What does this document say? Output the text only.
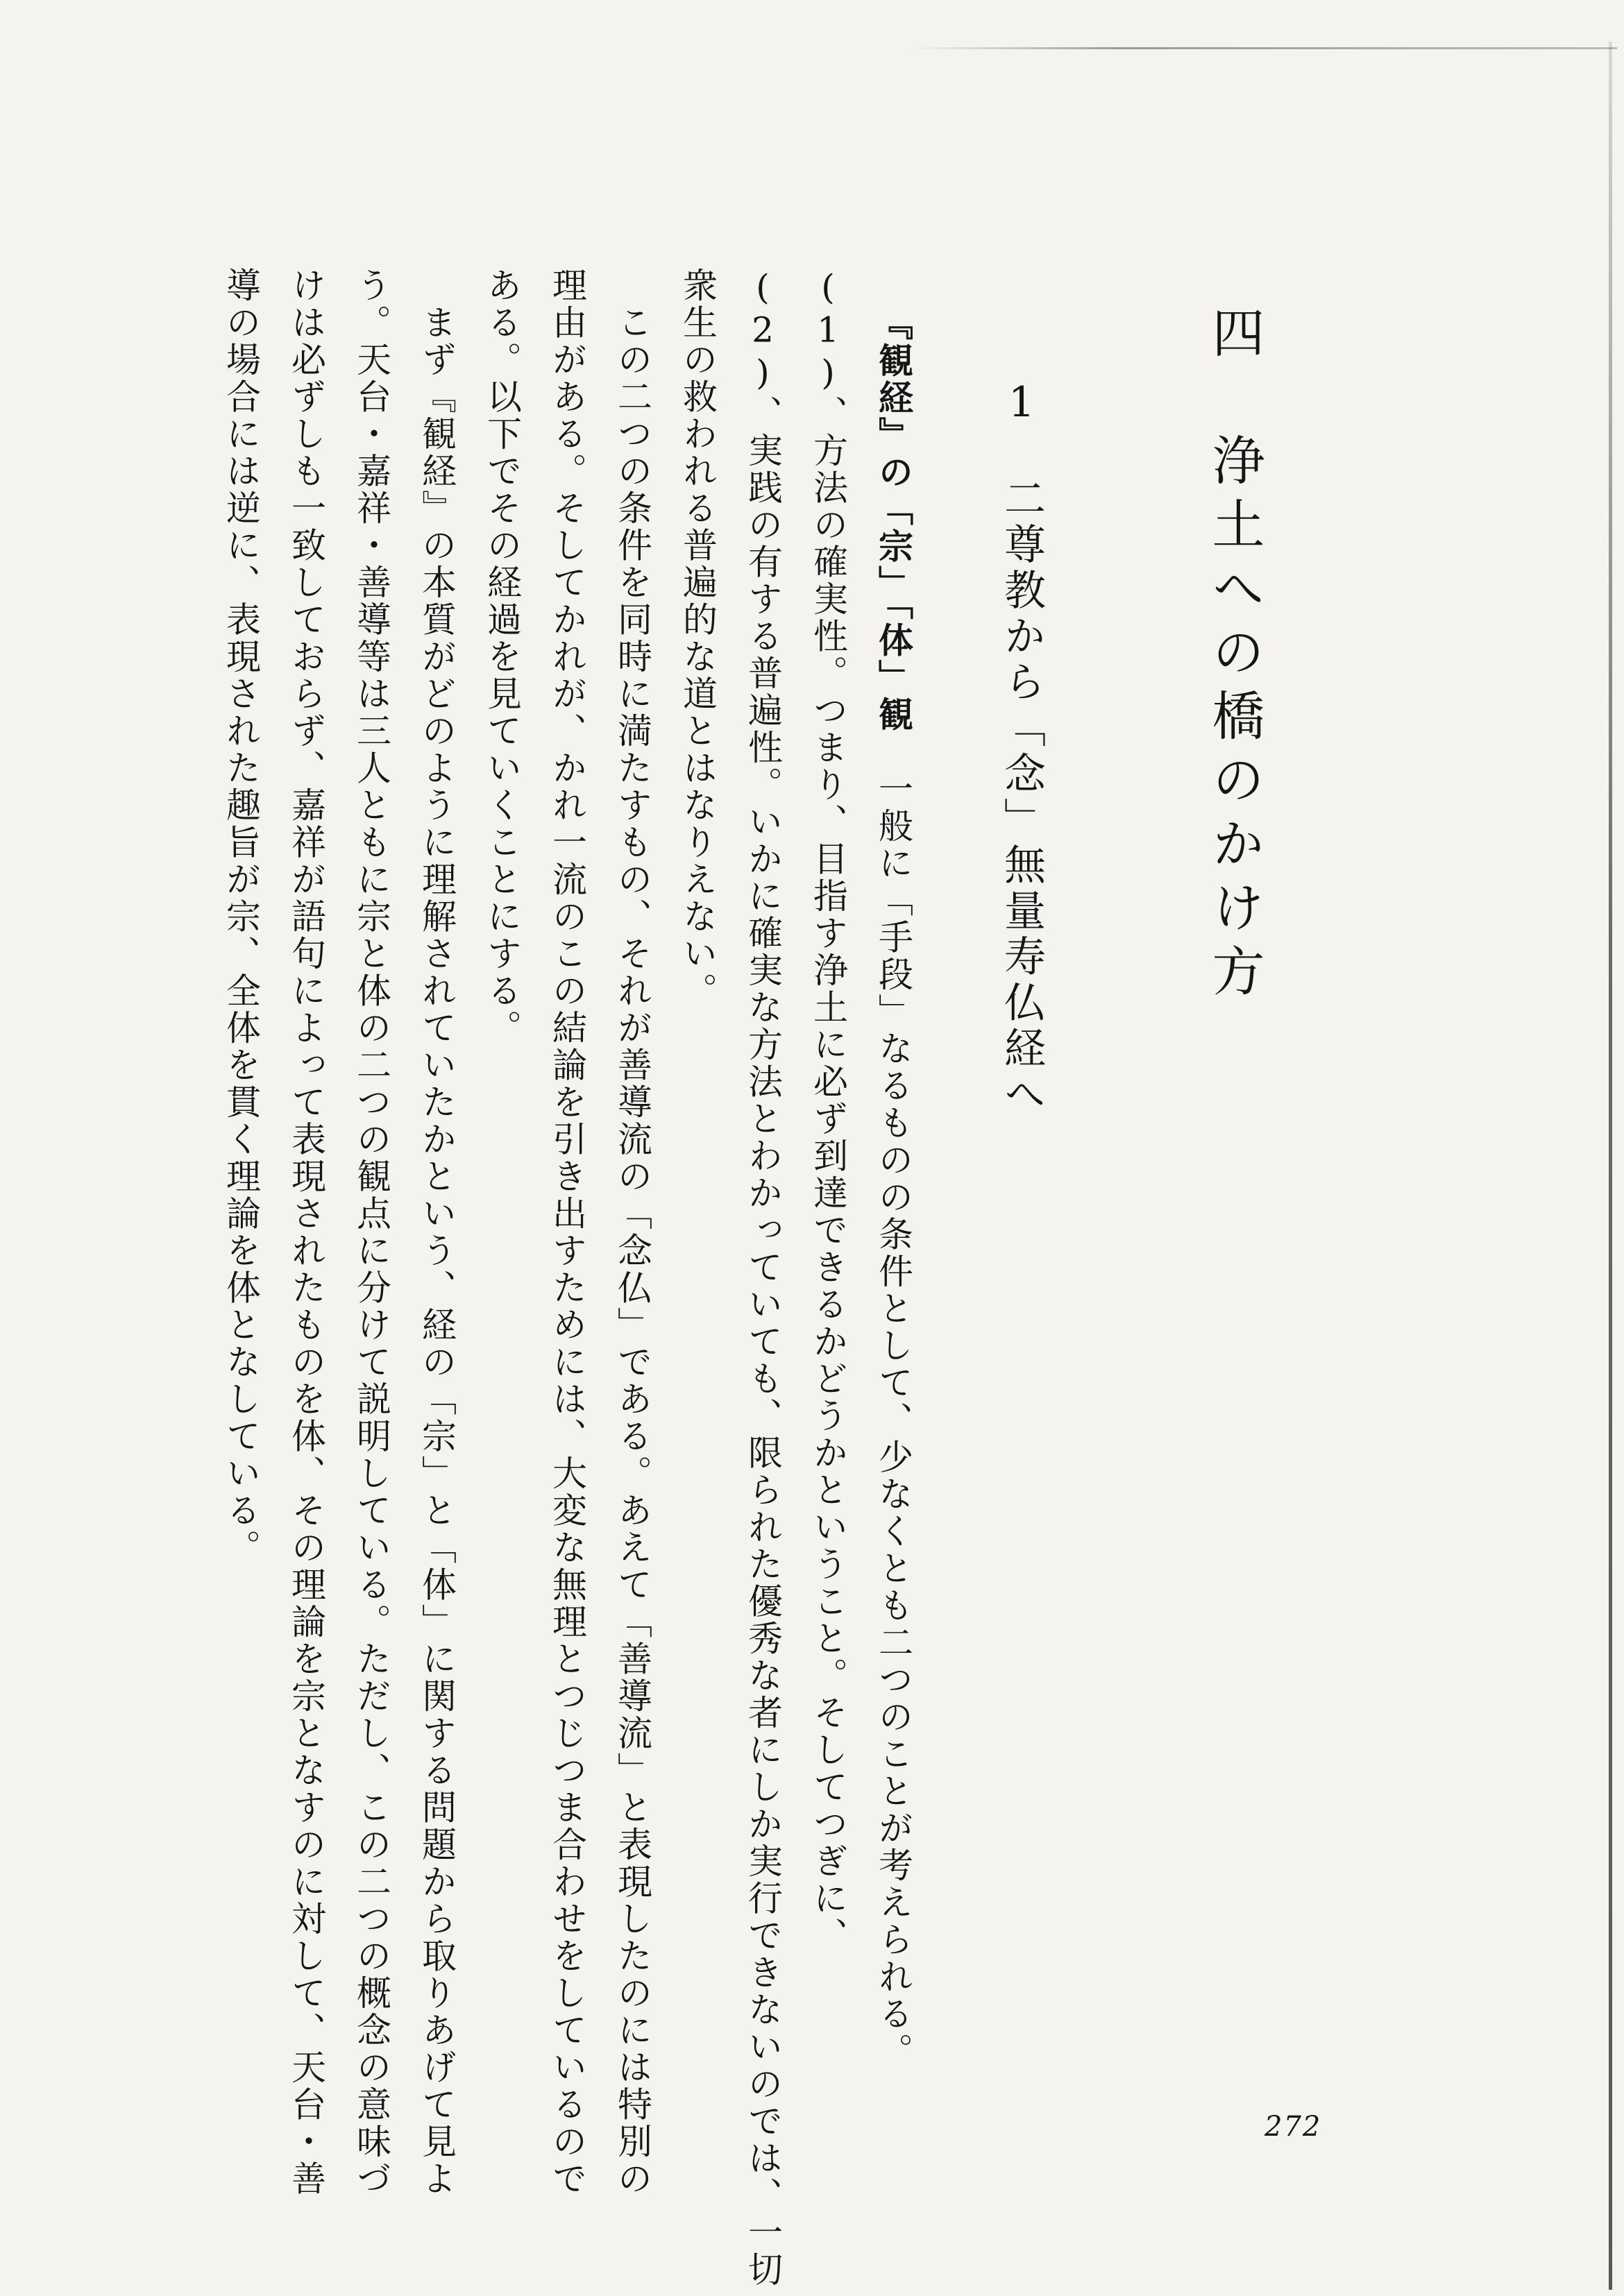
四　浄土への橋のかけ方
1　二尊教から「念」無量寿仏経へ
『観経』の「宗」「体」観　一般に「手段」なるものの条件として、少なくとも二つのことが考えられる。
(1)、方法の確実性。つまり、目指す浄土に必ず到達できるかどうかということ。そしてつぎに、
(2)、実践の有する普遍性。いかに確実な方法とわかっていても、限られた優秀な者にしか実行できないのでは、一切
衆生の救われる普遍的な道とはなりえない。
　この二つの条件を同時に満たすもの、それが善導流の「念仏」である。あえて「善導流」と表現したのには特別の
理由がある。そしてかれが、かれ一流のこの結論を引き出すためには、大変な無理とつじつま合わせをしているので
ある。以下でその経過を見ていくことにする。
　まず『観経』の本質がどのように理解されていたかという、経の「宗」と「体」に関する問題から取りあげて見よ
う。天台・嘉祥・善導等は三人ともに宗と体の二つの観点に分けて説明している。ただし、この二つの概念の意味づ
けは必ずしも一致しておらず、嘉祥が語句によって表現されたものを体、その理論を宗となすのに対して、天台・善
導の場合には逆に、表現された趣旨が宗、全体を貫く理論を体となしている。
272
